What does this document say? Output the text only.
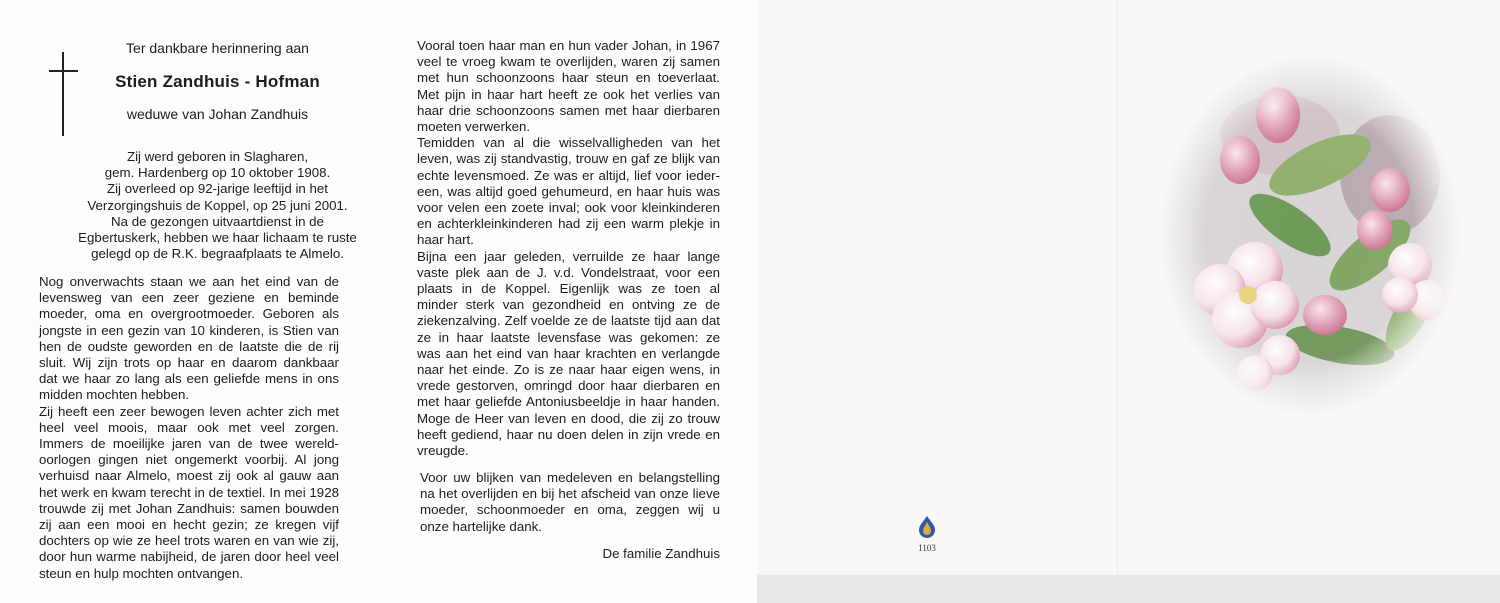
Ter dankbare herinnering aan
Stien Zandhuis - Hofman
weduwe van Johan Zandhuis
Zij werd geboren in Slagharen,
gem. Hardenberg op 10 oktober 1908.
Zij overleed op 92-jarige leeftijd in het
Verzorgingshuis de Koppel, op 25 juni 2001.
Na de gezongen uitvaartdienst in de
Egbertuskerk, hebben we haar lichaam te ruste
gelegd op de R.K. begraafplaats te Almelo.
Nog onverwachts staan we aan het eind van de levensweg van een zeer geziene en beminde moeder, oma en overgrootmoeder. Geboren als jongste in een gezin van 10 kinderen, is Stien van hen de oudste geworden en de laatste die de rij sluit. Wij zijn trots op haar en daarom dankbaar dat we haar zo lang als een geliefde mens in ons midden mochten hebben.
Zij heeft een zeer bewogen leven achter zich met heel veel moois, maar ook met veel zorgen. Immers de moeilijke jaren van de twee wereld-oorlogen gingen niet ongemerkt voorbij. Al jong verhuisd naar Almelo, moest zij ook al gauw aan het werk en kwam terecht in de textiel. In mei 1928 trouwde zij met Johan Zandhuis: samen bouwden zij aan een mooi en hecht gezin; ze kregen vijf dochters op wie ze heel trots waren en van wie zij, door hun warme nabijheid, de jaren door heel veel steun en hulp mochten ontvangen.
Vooral toen haar man en hun vader Johan, in 1967 veel te vroeg kwam te overlijden, waren zij samen met hun schoonzoons haar steun en toeverlaat. Met pijn in haar hart heeft ze ook het verlies van haar drie schoonzoons samen met haar dierbaren moeten verwerken.
Temidden van al die wisselvalligheden van het leven, was zij standvastig, trouw en gaf ze blijk van echte levensmoed. Ze was er altijd, lief voor ieder-een, was altijd goed gehumeurd, en haar huis was voor velen een zoete inval; ook voor kleinkinderen en achterkleinkinderen had zij een warm plekje in haar hart.
Bijna een jaar geleden, verruilde ze haar lange vaste plek aan de J. v.d. Vondelstraat, voor een plaats in de Koppel. Eigenlijk was ze toen al minder sterk van gezondheid en ontving ze de ziekenzalving. Zelf voelde ze de laatste tijd aan dat ze in haar laatste levensfase was gekomen: ze was aan het eind van haar krachten en verlangde naar het einde. Zo is ze naar haar eigen wens, in vrede gestorven, omringd door haar dierbaren en met haar geliefde Antoniusbeeldje in haar handen. Moge de Heer van leven en dood, die zij zo trouw heeft gediend, haar nu doen delen in zijn vrede en vreugde.
Voor uw blijken van medeleven en belangstelling na het overlijden en bij het afscheid van onze lieve moeder, schoonmoeder en oma, zeggen wij u onze hartelijke dank.
De familie Zandhuis	1103
